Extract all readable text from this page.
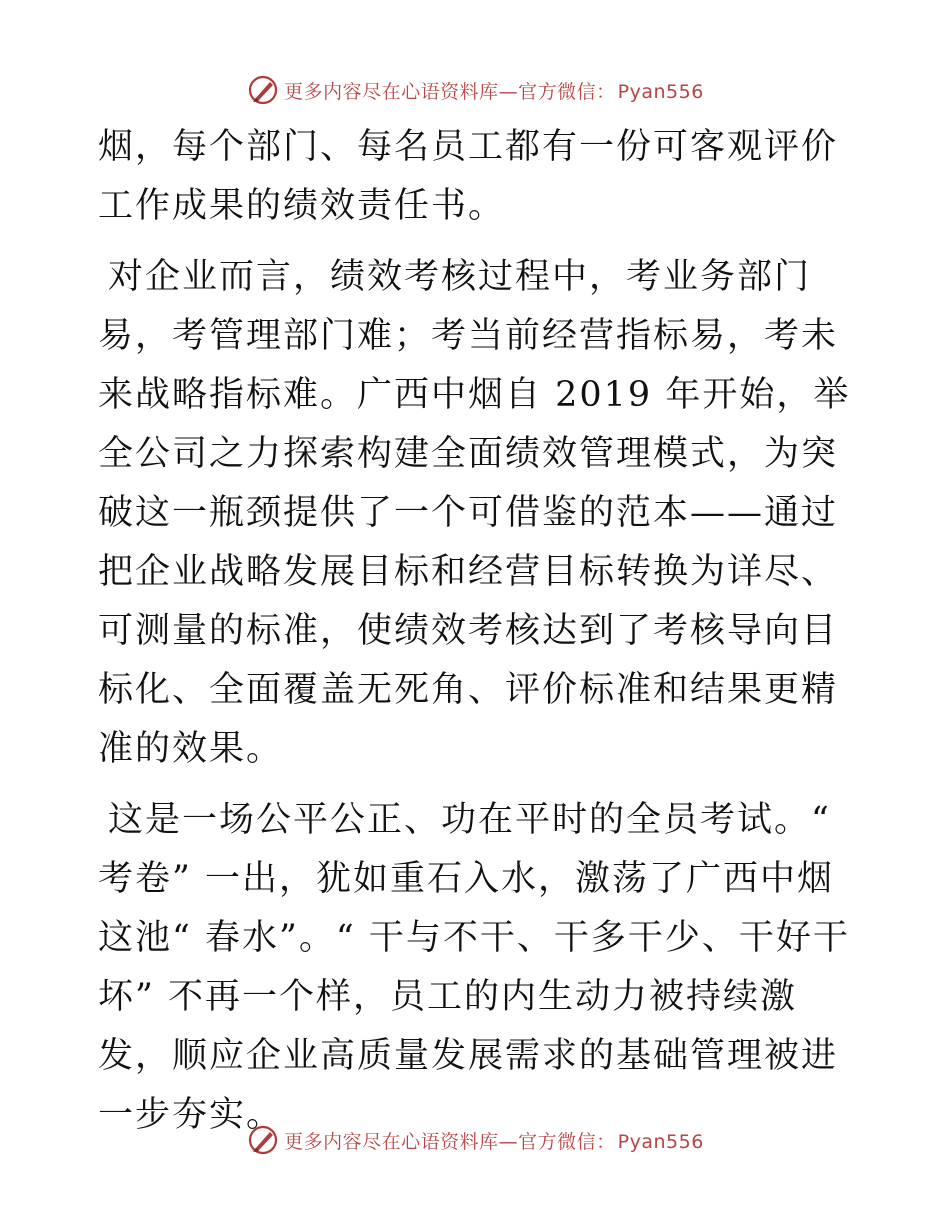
更多内容尽在心语资料库—官方微信： Pyan556

烟，每个部门、每名员工都有一份可客观评价工作成果的绩效责任书。

对企业而言，绩效考核过程中，考业务部门易，考管理部门难；考当前经营指标易，考未来战略指标难。广西中烟自 2019 年开始，举全公司之力探索构建全面绩效管理模式，为突破这一瓶颈提供了一个可借鉴的范本——通过把企业战略发展目标和经营目标转换为详尽、可测量的标准，使绩效考核达到了考核导向目标化、全面覆盖无死角、评价标准和结果更精准的效果。

这是一场公平公正、功在平时的全员考试。“ 考卷” 一出，犹如重石入水，激荡了广西中烟这池“ 春水”。“ 干与不干、干多干少、干好干坏” 不再一个样，员工的内生动力被持续激发，顺应企业高质量发展需求的基础管理被进一步夯实。

更多内容尽在心语资料库—官方微信： Pyan556
